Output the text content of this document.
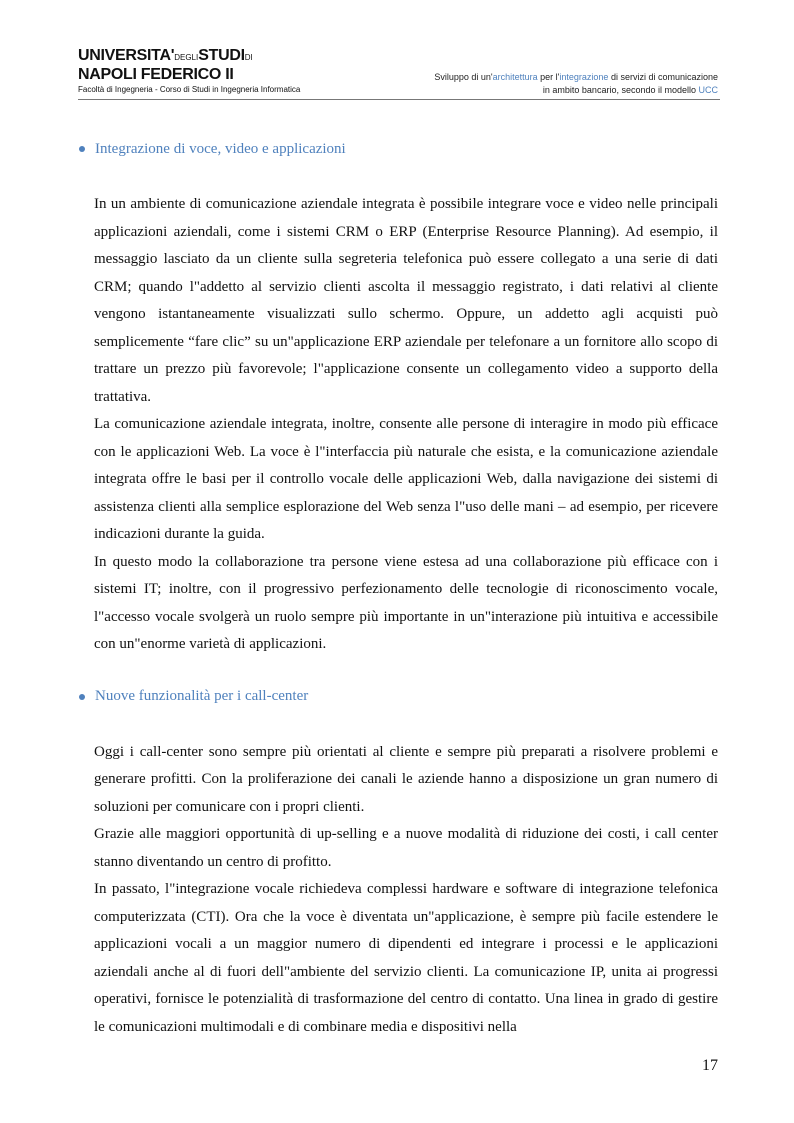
UNIVERSITA'DEGLISTUDIDI
NAPOLI FEDERICO II
Facoltà di Ingegneria - Corso di Studi in Ingegneria Informatica
Sviluppo di un'architettura per l'integrazione di servizi di comunicazione
in ambito bancario, secondo il modello UCC
Integrazione di voce, video e applicazioni

In un ambiente di comunicazione aziendale integrata è possibile integrare voce e video nelle principali applicazioni aziendali, come i sistemi CRM o ERP (Enterprise Resource Planning). Ad esempio, il messaggio lasciato da un cliente sulla segreteria telefonica può essere collegato a una serie di dati CRM; quando l"addetto al servizio clienti ascolta il messaggio registrato, i dati relativi al cliente vengono istantaneamente visualizzati sullo schermo. Oppure, un addetto agli acquisti può semplicemente “fare clic” su un"applicazione ERP aziendale per telefonare a un fornitore allo scopo di trattare un prezzo più favorevole; l"applicazione consente un collegamento video a supporto della trattativa.

La comunicazione aziendale integrata, inoltre, consente alle persone di interagire in modo più efficace con le applicazioni Web. La voce è l"interfaccia più naturale che esista, e la comunicazione aziendale integrata offre le basi per il controllo vocale delle applicazioni Web, dalla navigazione dei sistemi di assistenza clienti alla semplice esplorazione del Web senza l"uso delle mani – ad esempio, per ricevere indicazioni durante la guida.

In questo modo la collaborazione tra persone viene estesa ad una collaborazione più efficace con i sistemi IT; inoltre, con il progressivo perfezionamento delle tecnologie di riconoscimento vocale, l"accesso vocale svolgerà un ruolo sempre più importante in un"interazione più intuitiva e accessibile con un"enorme varietà di applicazioni.

Nuove funzionalità per i call-center

Oggi i call-center sono sempre più orientati al cliente e sempre più preparati a risolvere problemi e generare profitti. Con la proliferazione dei canali le aziende hanno a disposizione un gran numero di soluzioni per comunicare con i propri clienti.

Grazie alle maggiori opportunità di up-selling e a nuove modalità di riduzione dei costi, i call center stanno diventando un centro di profitto.

In passato, l"integrazione vocale richiedeva complessi hardware e software di integrazione telefonica computerizzata (CTI). Ora che la voce è diventata un"applicazione, è sempre più facile estendere le applicazioni vocali a un maggior numero di dipendenti ed integrare i processi e le applicazioni aziendali anche al di fuori dell"ambiente del servizio clienti. La comunicazione IP, unita ai progressi operativi, fornisce le potenzialità di trasformazione del centro di contatto. Una linea in grado di gestire le comunicazioni multimodali e di combinare media e dispositivi nella

17
